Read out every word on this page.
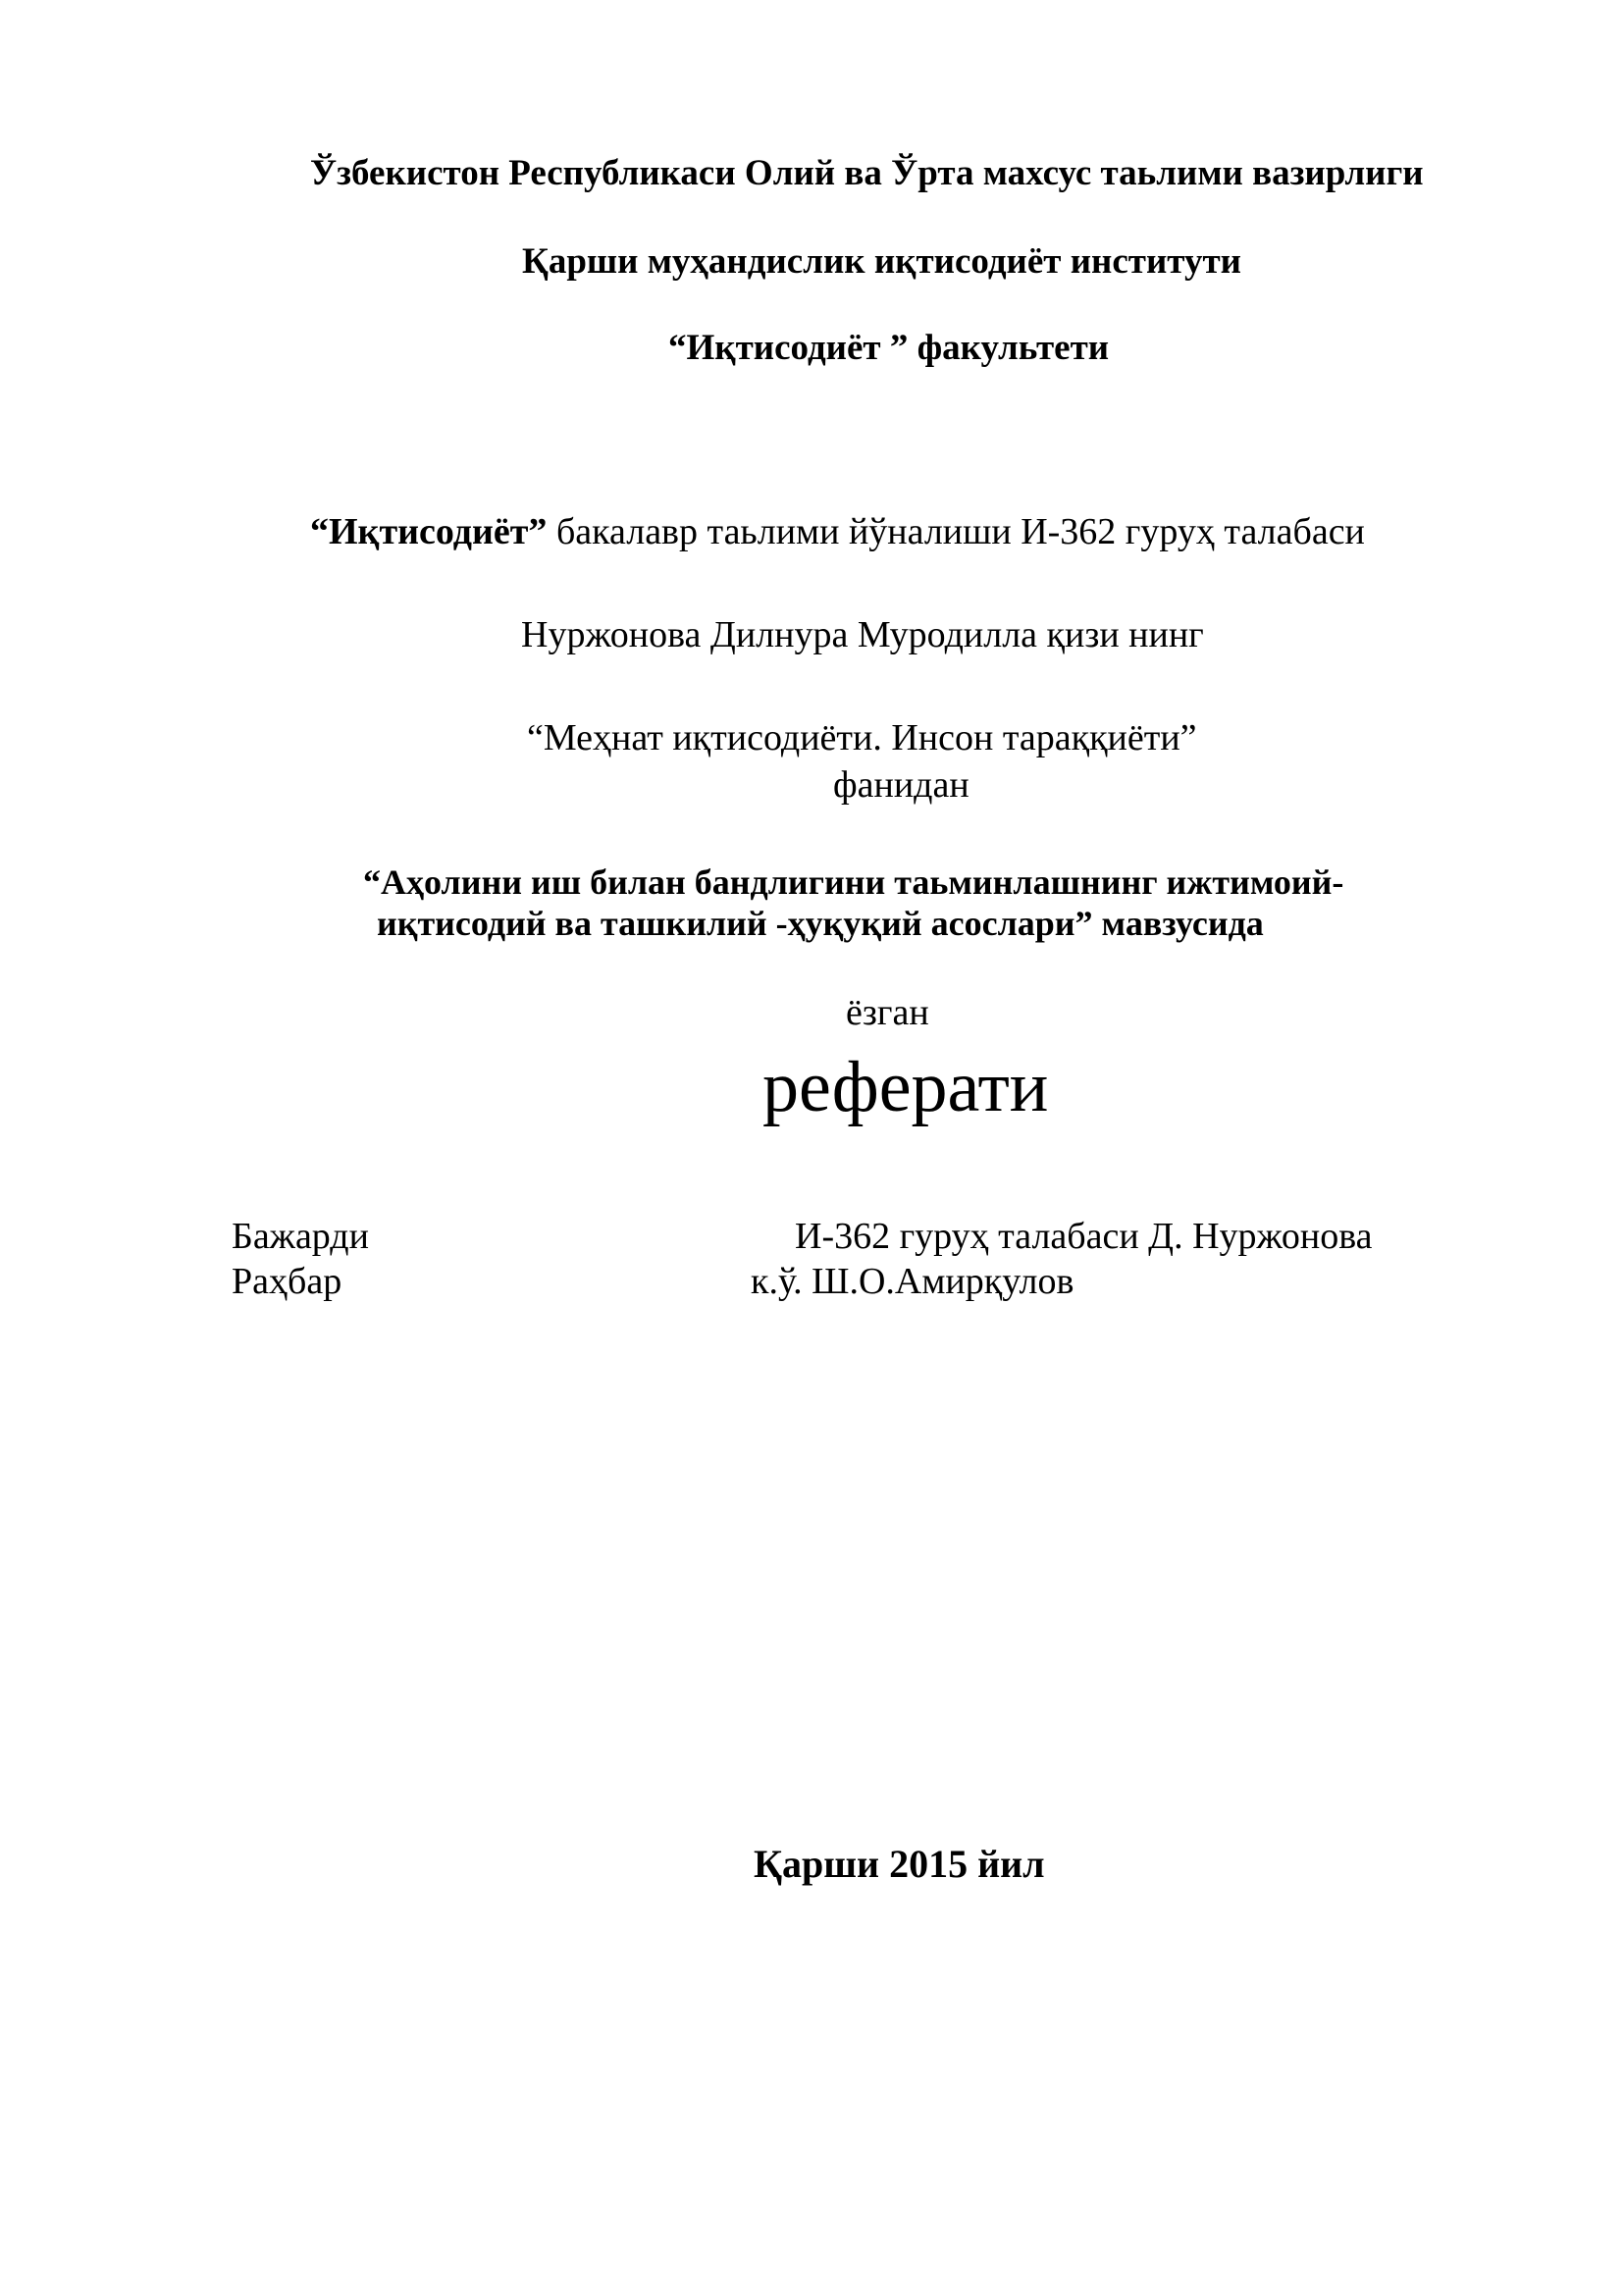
Ўзбекистон Республикаси Олий ва Ўрта махсус таьлими вазирлиги
Қарши муҳандислик иқтисодиёт институти
“Иқтисодиёт ” факультети
“Иқтисодиёт” бакалавр таьлими йўналиши И-362 гуруҳ талабаси
Нуржонова Дилнура Муродилла қизи нинг
“Меҳнат иқтисодиёти. Инсон тараққиёти”
фанидан
“Аҳолини иш билан бандлигини таьминлашнинг ижтимоий-
иқтисодий ва ташкилий -ҳуқуқий асослари” мавзусида
ёзган
реферати
Бажарди	И-362 гуруҳ талабаси Д. Нуржонова
Раҳбар	к.ў. Ш.О.Амирқулов
Қарши 2015 йил
